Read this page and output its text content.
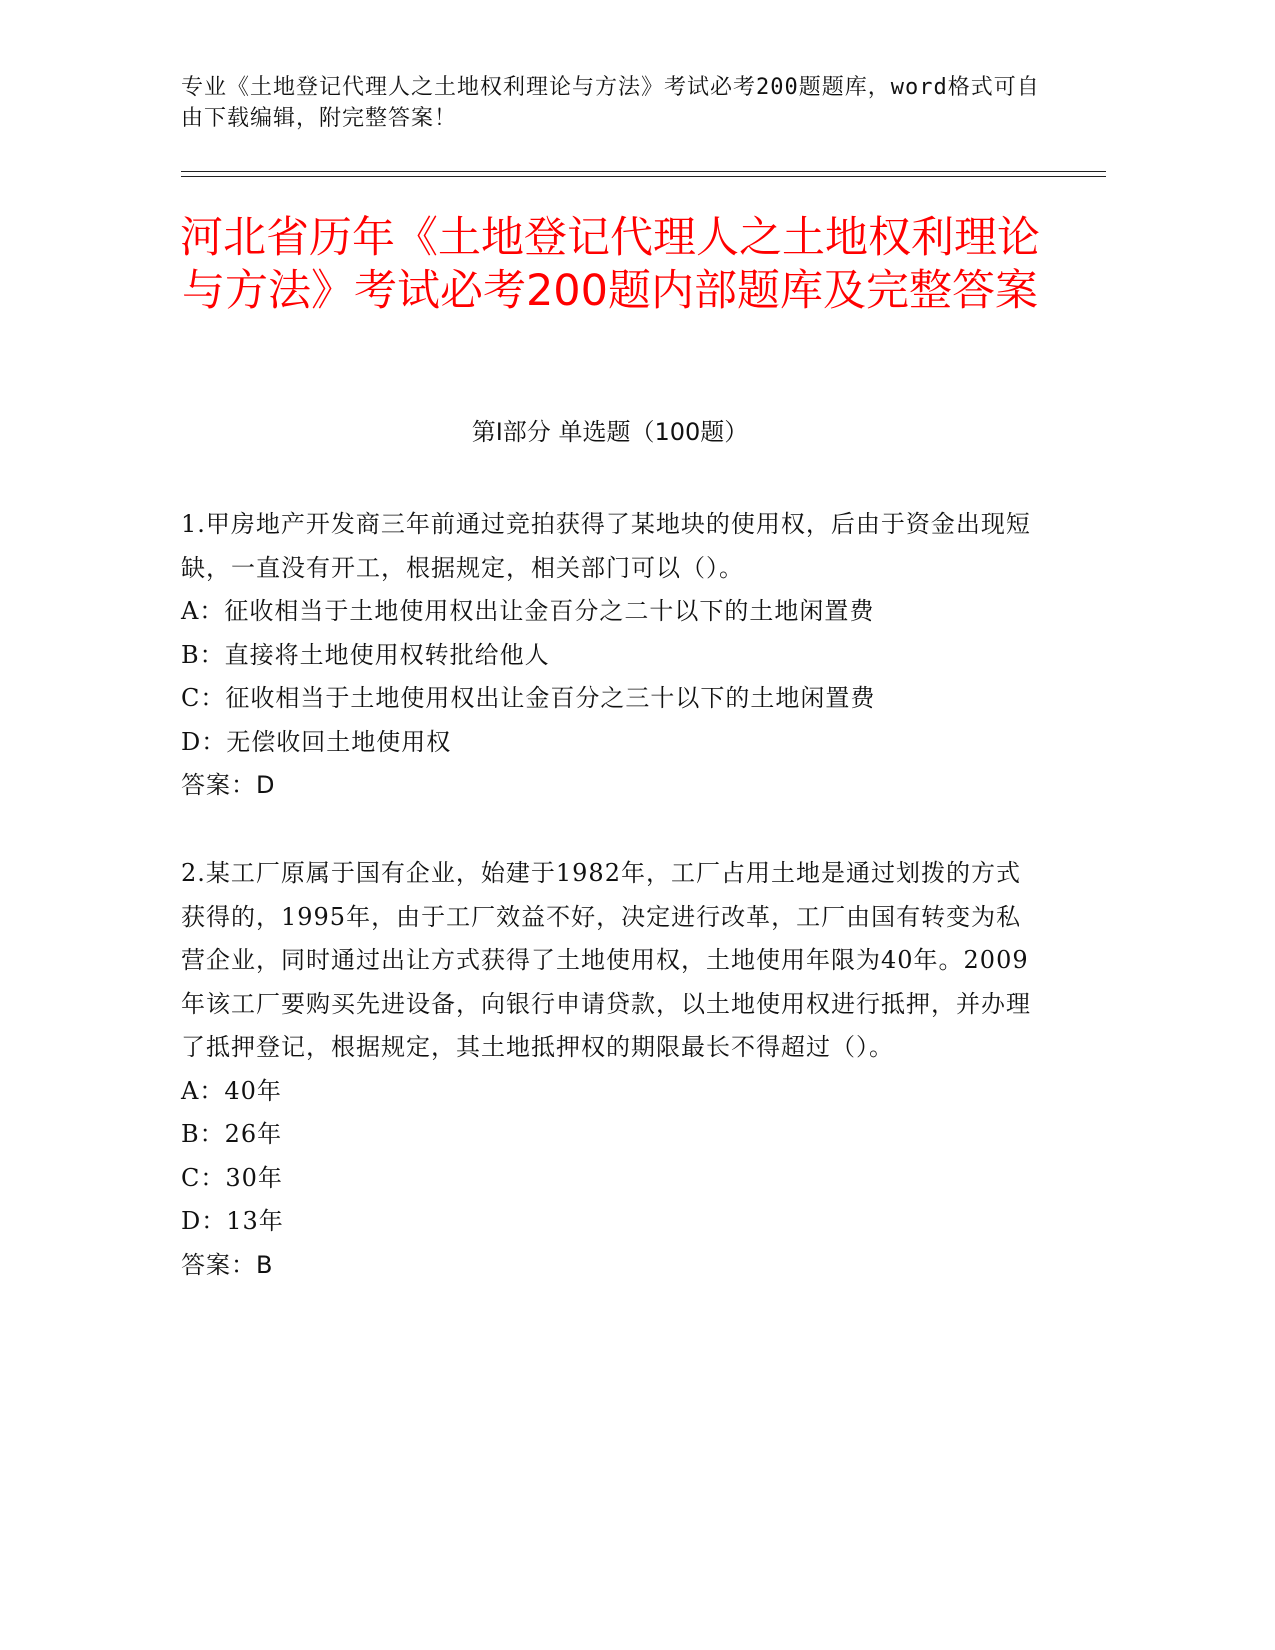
专业《土地登记代理人之土地权利理论与方法》考试必考200题题库，word格式可自由下载编辑，附完整答案！
河北省历年《土地登记代理人之土地权利理论与方法》考试必考200题内部题库及完整答案
第Ⅰ部分 单选题（100题）

1.甲房地产开发商三年前通过竞拍获得了某地块的使用权，后由于资金出现短缺，一直没有开工，根据规定，相关部门可以（）。

A：征收相当于土地使用权出让金百分之二十以下的土地闲置费

B：直接将土地使用权转批给他人

C：征收相当于土地使用权出让金百分之三十以下的土地闲置费

D：无偿收回土地使用权

答案：D

2.某工厂原属于国有企业，始建于1982年，工厂占用土地是通过划拨的方式获得的，1995年，由于工厂效益不好，决定进行改革，工厂由国有转变为私营企业，同时通过出让方式获得了土地使用权，土地使用年限为40年。2009年该工厂要购买先进设备，向银行申请贷款，以土地使用权进行抵押，并办理了抵押登记，根据规定，其土地抵押权的期限最长不得超过（）。

A：40年

B：26年

C：30年

D：13年

答案：B
